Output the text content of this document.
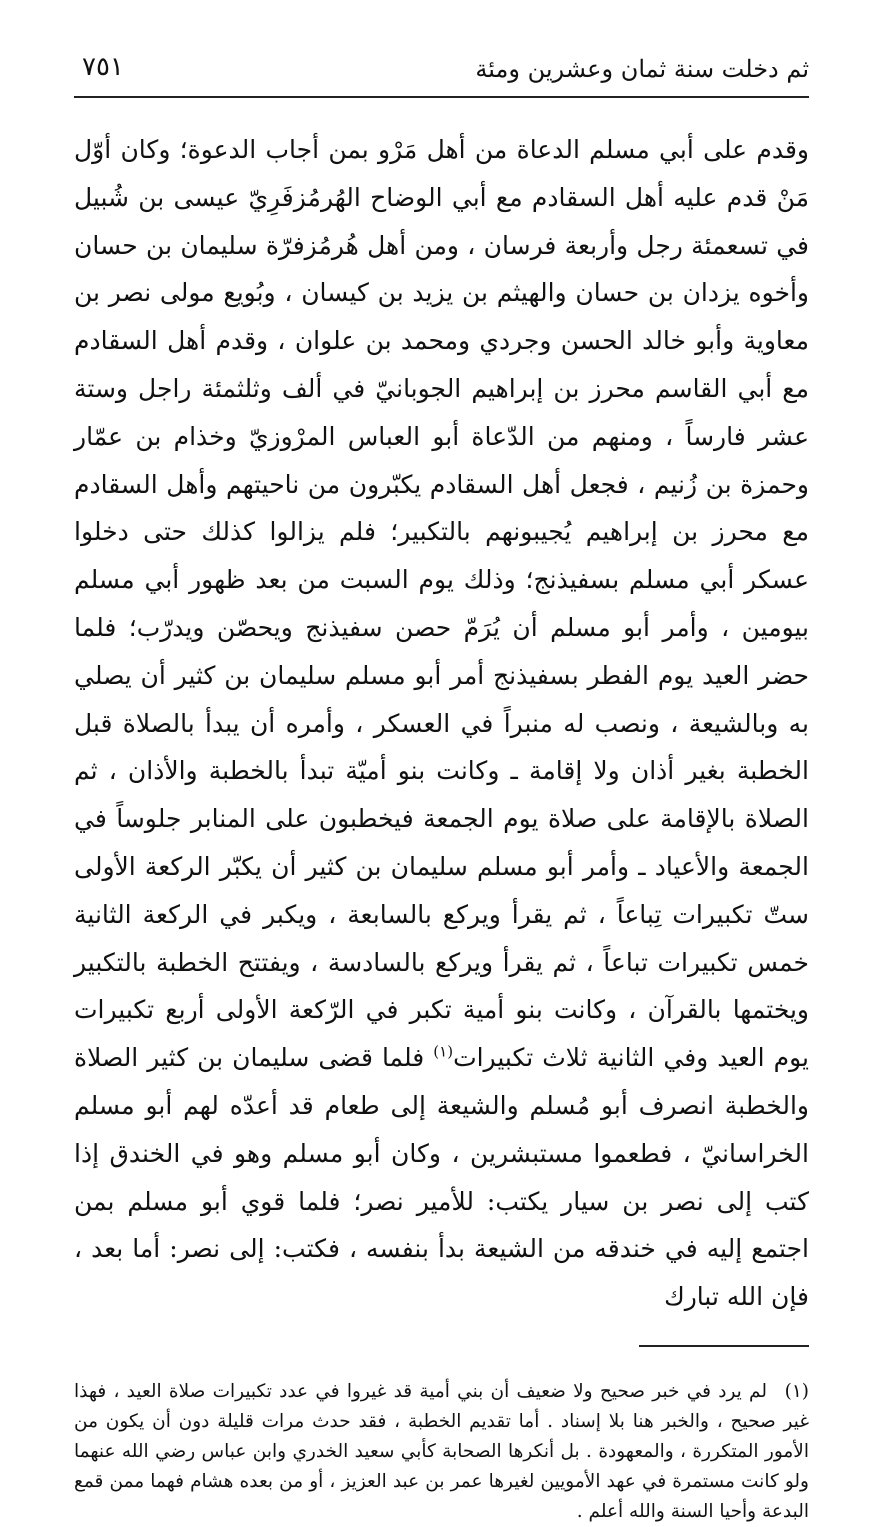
ثم دخلت سنة ثمان وعشرين ومئة
٧٥١

وقدم على أبي مسلم الدعاة من أهل مَرْو بمن أجاب الدعوة؛ وكان أوّل مَنْ قدم عليه أهل السقادم مع أبي الوضاح الهُرمُزفَرِيّ عيسى بن شُبيل في تسعمئة رجل وأربعة فرسان ، ومن أهل هُرمُزفرّة سليمان بن حسان وأخوه يزدان بن حسان والهيثم بن يزيد بن كيسان ، وبُويع مولى نصر بن معاوية وأبو خالد الحسن وجردي ومحمد بن علوان ، وقدم أهل السقادم مع أبي القاسم محرز بن إبراهيم الجوبانيّ في ألف وثلثمئة راجل وستة عشر فارساً ، ومنهم من الدّعاة أبو العباس المرْوزيّ وخذام بن عمّار وحمزة بن زُنيم ، فجعل أهل السقادم يكبّرون من ناحيتهم وأهل السقادم مع محرز بن إبراهيم يُجيبونهم بالتكبير؛ فلم يزالوا كذلك حتى دخلوا عسكر أبي مسلم بسفيذنج؛ وذلك يوم السبت من بعد ظهور أبي مسلم بيومين ، وأمر أبو مسلم أن يُرَمّ حصن سفيذنج ويحصّن ويدرّب؛ فلما حضر العيد يوم الفطر بسفيذنج أمر أبو مسلم سليمان بن كثير أن يصلي به وبالشيعة ، ونصب له منبراً في العسكر ، وأمره أن يبدأ بالصلاة قبل الخطبة بغير أذان ولا إقامة ـ وكانت بنو أميّة تبدأ بالخطبة والأذان ، ثم الصلاة بالإقامة على صلاة يوم الجمعة فيخطبون على المنابر جلوساً في الجمعة والأعياد ـ وأمر أبو مسلم سليمان بن كثير أن يكبّر الركعة الأولى ستّ تكبيرات تِباعاً ، ثم يقرأ ويركع بالسابعة ، ويكبر في الركعة الثانية خمس تكبيرات تباعاً ، ثم يقرأ ويركع بالسادسة ، ويفتتح الخطبة بالتكبير ويختمها بالقرآن ، وكانت بنو أمية تكبر في الرّكعة الأولى أربع تكبيرات يوم العيد وفي الثانية ثلاث تكبيرات$^{(١)}$ فلما قضى سليمان بن كثير الصلاة والخطبة انصرف أبو مُسلم والشيعة إلى طعام قد أعدّه لهم أبو مسلم الخراسانيّ ، فطعموا مستبشرين ، وكان أبو مسلم وهو في الخندق إذا كتب إلى نصر بن سيار يكتب: للأمير نصر؛ فلما قوي أبو مسلم بمن اجتمع إليه في خندقه من الشيعة بدأ بنفسه ، فكتب: إلى نصر: أما بعد ، فإن الله تبارك

(١)لم يرد في خبر صحيح ولا ضعيف أن بني أمية قد غيروا في عدد تكبيرات صلاة العيد ، فهذا غير صحيح ، والخبر هنا بلا إسناد . أما تقديم الخطبة ، فقد حدث مرات قليلة دون أن يكون من الأمور المتكررة ، والمعهودة . بل أنكرها الصحابة كأبي سعيد الخدري وابن عباس رضي الله عنهما ولو كانت مستمرة في عهد الأمويين لغيرها عمر بن عبد العزيز ، أو من بعده هشام فهما ممن قمع البدعة وأحيا السنة والله أعلم .
